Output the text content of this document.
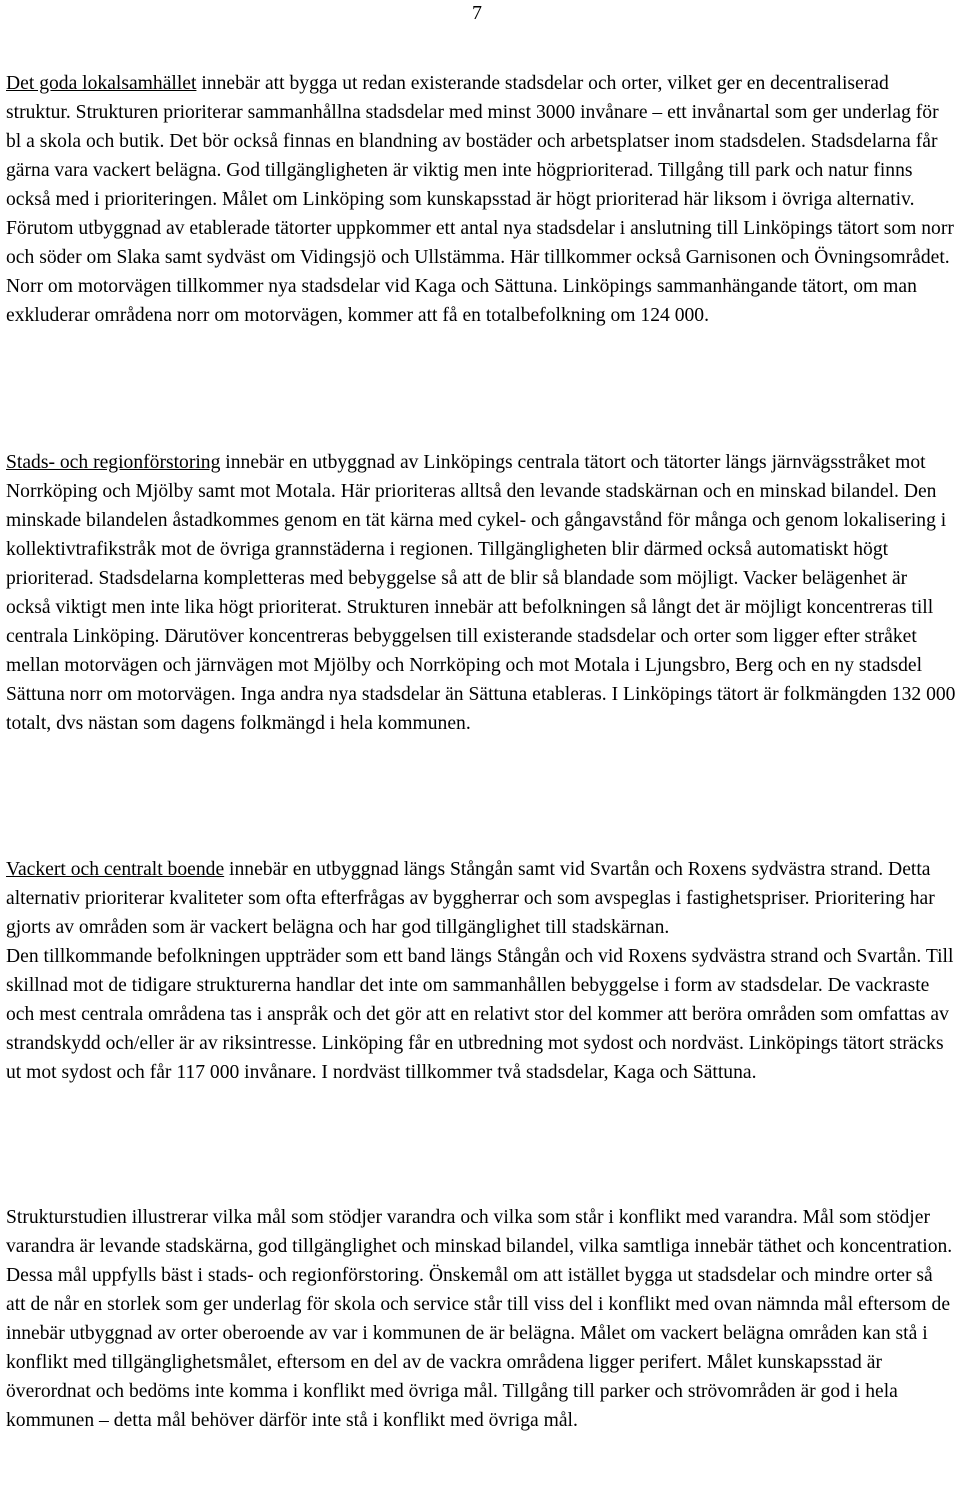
7

Det goda lokalsamhället innebär att bygga ut redan existerande stadsdelar och orter, vilket ger en decentraliserad struktur. Strukturen prioriterar sammanhållna stadsdelar med minst 3000 invånare – ett invånartal som ger underlag för bl a skola och butik. Det bör också finnas en blandning av bostäder och arbetsplatser inom stadsdelen. Stadsdelarna får gärna vara vackert belägna. God tillgängligheten är viktig men inte högprioriterad. Tillgång till park och natur finns också med i prioriteringen. Målet om Linköping som kunskapsstad är högt prioriterad här liksom i övriga alternativ.

Förutom utbyggnad av etablerade tätorter uppkommer ett antal nya stadsdelar i anslutning till Linköpings tätort som norr och söder om Slaka samt sydväst om Vidingsjö och Ullstämma. Här tillkommer också Garnisonen och Övningsområdet. Norr om motorvägen tillkommer nya stadsdelar vid Kaga och Sättuna. Linköpings sammanhängande tätort, om man exkluderar områdena norr om motorvägen, kommer att få en totalbefolkning om 124 000.

Stads- och regionförstoring innebär en utbyggnad av Linköpings centrala tätort och tätorter längs järnvägsstråket mot Norrköping och Mjölby samt mot Motala. Här prioriteras alltså den levande stadskärnan och en minskad bilandel. Den minskade bilandelen åstadkommes genom en tät kärna med cykel- och gångavstånd för många och genom lokalisering i kollektivtrafikstråk mot de övriga grannstäderna i regionen. Tillgängligheten blir därmed också automatiskt högt prioriterad. Stadsdelarna kompletteras med bebyggelse så att de blir så blandade som möjligt. Vacker belägenhet är också viktigt men inte lika högt prioriterat. Strukturen innebär att befolkningen så långt det är möjligt koncentreras till centrala Linköping. Därutöver koncentreras bebyggelsen till existerande stadsdelar och orter som ligger efter stråket mellan motorvägen och järnvägen mot Mjölby och Norrköping och mot Motala i Ljungsbro, Berg och en ny stadsdel Sättuna norr om motorvägen. Inga andra nya stadsdelar än Sättuna etableras. I Linköpings tätort är folkmängden 132 000 totalt, dvs nästan som dagens folkmängd i hela kommunen.

Vackert och centralt boende innebär en utbyggnad längs Stångån samt vid Svartån och Roxens sydvästra strand. Detta alternativ prioriterar kvaliteter som ofta efterfrågas av byggherrar och som avspeglas i fastighetspriser. Prioritering har gjorts av områden som är vackert belägna och har god tillgänglighet till stadskärnan.

Den tillkommande befolkningen uppträder som ett band längs Stångån och vid Roxens sydvästra strand och Svartån. Till skillnad mot de tidigare strukturerna handlar det inte om sammanhållen bebyggelse i form av stadsdelar. De vackraste och mest centrala områdena tas i anspråk och det gör att en relativt stor del kommer att beröra områden som omfattas av strandskydd och/eller är av riksintresse. Linköping får en utbredning mot sydost och nordväst. Linköpings tätort sträcks ut mot sydost och får 117 000 invånare. I nordväst tillkommer två stadsdelar, Kaga och Sättuna.

Strukturstudien illustrerar vilka mål som stödjer varandra och vilka som står i konflikt med varandra. Mål som stödjer varandra är levande stadskärna, god tillgänglighet och minskad bilandel, vilka samtliga innebär täthet och koncentration. Dessa mål uppfylls bäst i stads- och regionförstoring. Önskemål om att istället bygga ut stadsdelar och mindre orter så att de når en storlek som ger underlag för skola och service står till viss del i konflikt med ovan nämnda mål eftersom de innebär utbyggnad av orter oberoende av var i kommunen de är belägna. Målet om vackert belägna områden kan stå i konflikt med tillgänglighetsmålet, eftersom en del av de vackra områdena ligger perifert. Målet kunskapsstad är överordnat och bedöms inte komma i konflikt med övriga mål. Tillgång till parker och strövområden är god i hela kommunen – detta mål behöver därför inte stå i konflikt med övriga mål.
